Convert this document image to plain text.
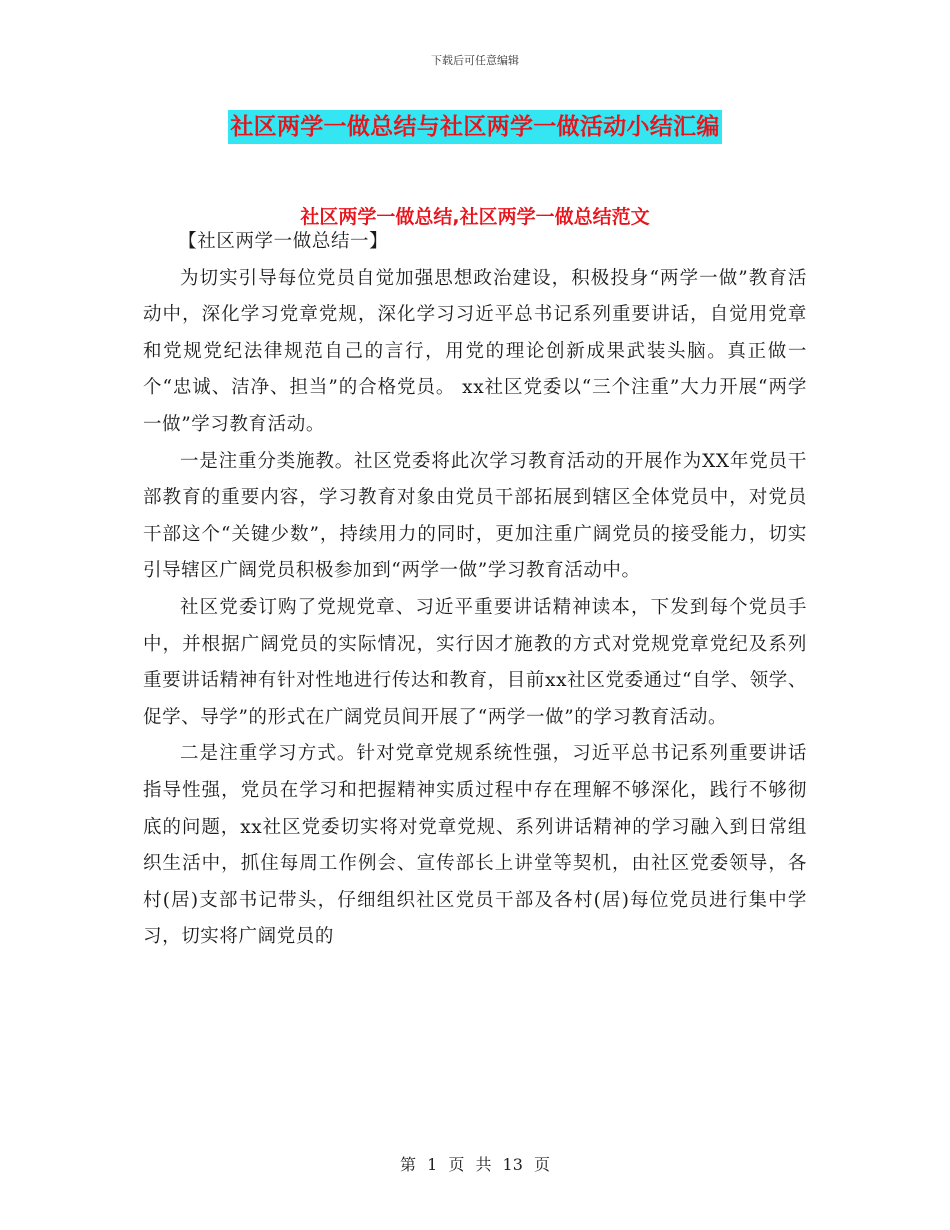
下载后可任意编辑
社区两学一做总结与社区两学一做活动小结汇编
社区两学一做总结,社区两学一做总结范文

【社区两学一做总结一】

为切实引导每位党员自觉加强思想政治建设，积极投身“两学一做”教育活动中，深化学习党章党规，深化学习习近平总书记系列重要讲话，自觉用党章和党规党纪法律规范自己的言行，用党的理论创新成果武装头脑。真正做一个“忠诚、洁净、担当”的合格党员。 xx社区党委以“三个注重”大力开展“两学一做”学习教育活动。

一是注重分类施教。社区党委将此次学习教育活动的开展作为XX年党员干部教育的重要内容，学习教育对象由党员干部拓展到辖区全体党员中，对党员干部这个“关键少数”，持续用力的同时，更加注重广阔党员的接受能力，切实引导辖区广阔党员积极参加到“两学一做”学习教育活动中。

社区党委订购了党规党章、习近平重要讲话精神读本，下发到每个党员手中，并根据广阔党员的实际情况，实行因才施教的方式对党规党章党纪及系列重要讲话精神有针对性地进行传达和教育，目前xx社区党委通过“自学、领学、促学、导学”的形式在广阔党员间开展了“两学一做”的学习教育活动。

二是注重学习方式。针对党章党规系统性强，习近平总书记系列重要讲话指导性强，党员在学习和把握精神实质过程中存在理解不够深化，践行不够彻底的问题，xx社区党委切实将对党章党规、系列讲话精神的学习融入到日常组织生活中，抓住每周工作例会、宣传部长上讲堂等契机，由社区党委领导，各村(居)支部书记带头，仔细组织社区党员干部及各村(居)每位党员进行集中学习，切实将广阔党员的

第 1 页 共 13 页
